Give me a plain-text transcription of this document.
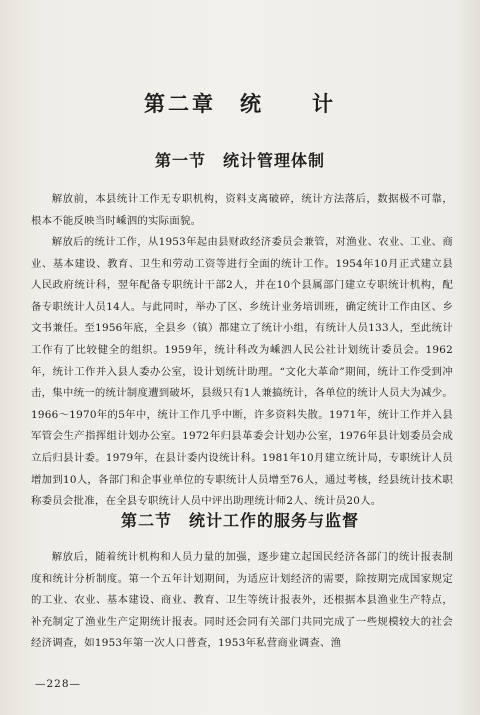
第二章　统　　计
第一节　统计管理体制

解放前，本县统计工作无专职机构，资料支离破碎，统计方法落后，数据极不可靠，根本不能反映当时嵊泗的实际面貌。

解放后的统计工作，从1953年起由县财政经济委员会兼管，对渔业、农业、工业、商业、基本建设、教育、卫生和劳动工资等进行全面的统计工作。1954年10月正式建立县人民政府统计科，翌年配备专职统计干部2人，并在10个县属部门建立专职统计机构，配备专职统计人员14人。与此同时，举办了区、乡统计业务培训班，确定统计工作由区、乡文书兼任。至1956年底，全县乡（镇）都建立了统计小组，有统计人员133人，至此统计工作有了比较健全的组织。1959年，统计科改为嵊泗人民公社计划统计委员会。1962年，统计工作并入县人委办公室，设计划统计助理。“文化大革命”期间，统计工作受到冲击，集中统一的统计制度遭到破坏，县级只有1人兼搞统计，各单位的统计人员大为减少。1966～1970年的5年中，统计工作几乎中断，许多资料失散。1971年，统计工作并入县军管会生产指挥组计划办公室。1972年归县革委会计划办公室，1976年县计划委员会成立后归县计委。1979年，在县计委内设统计科。1981年10月建立统计局，专职统计人员增加到10人，各部门和企事业单位的专职统计人员增至76人，通过考核，经县统计技术职称委员会批准，在全县专职统计人员中评出助理统计师2人、统计员20人。

第二节　统计工作的服务与监督

解放后，随着统计机构和人员力量的加强，逐步建立起国民经济各部门的统计报表制度和统计分析制度。第一个五年计划期间，为适应计划经济的需要，除按期完成国家规定的工业、农业、基本建设、商业、教育、卫生等统计报表外，还根据本县渔业生产特点，补充制定了渔业生产定期统计报表。同时还会同有关部门共同完成了一些规模较大的社会经济调查，如1953年第一次人口普查，1953年私营商业调查、渔

—228—
